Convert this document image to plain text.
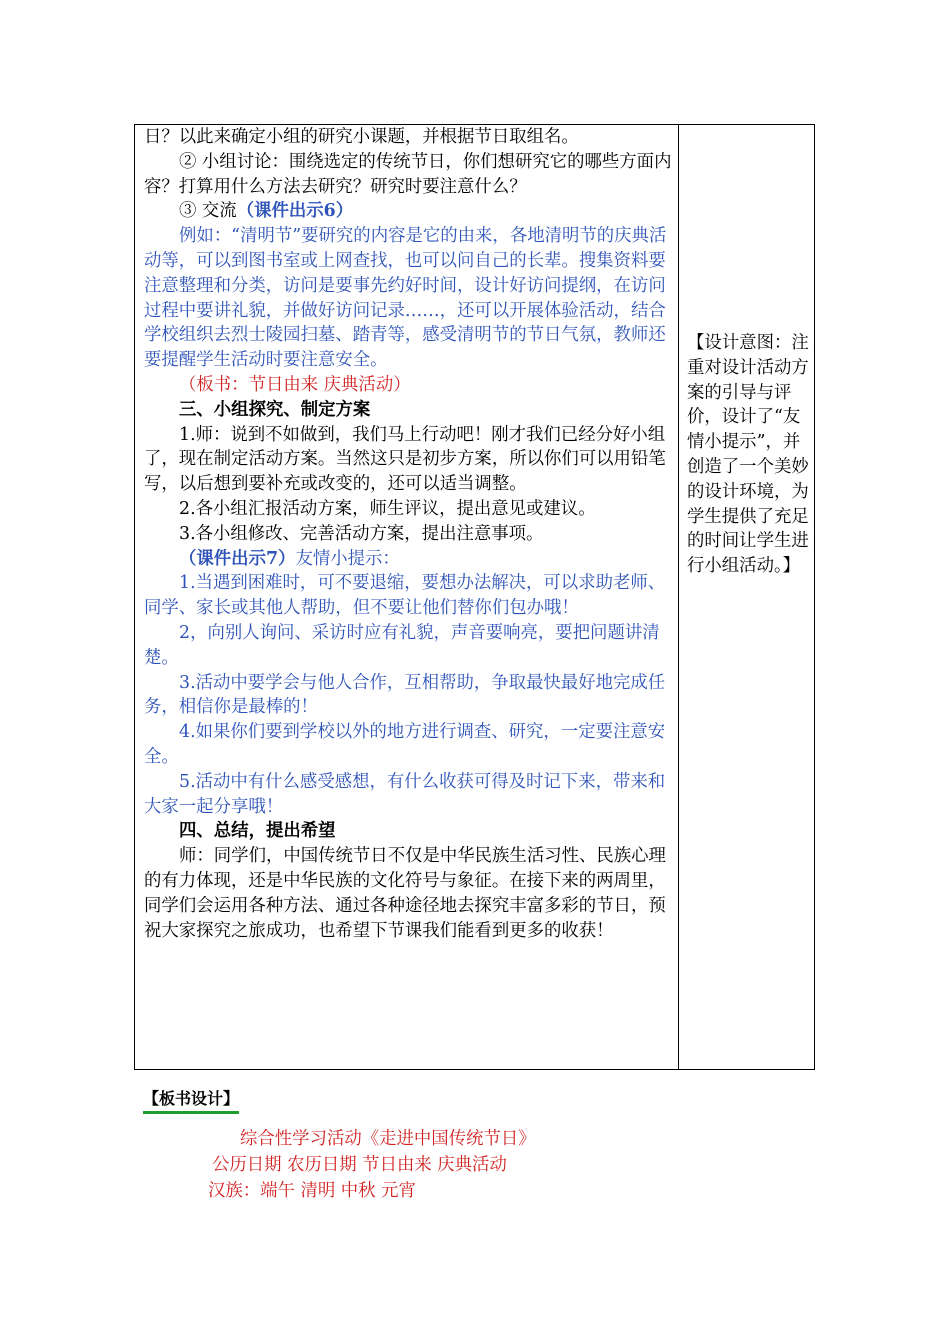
日？以此来确定小组的研究小课题，并根据节日取组名。

② 小组讨论：围绕选定的传统节日，你们想研究它的哪些方面内容？打算用什么方法去研究？研究时要注意什么？

③ 交流（课件出示6）

例如：“清明节”要研究的内容是它的由来，各地清明节的庆典活动等，可以到图书室或上网查找，也可以问自己的长辈。搜集资料要注意整理和分类，访问是要事先约好时间，设计好访问提纲，在访问过程中要讲礼貌，并做好访问记录……，还可以开展体验活动，结合学校组织去烈士陵园扫墓、踏青等，感受清明节的节日气氛，教师还要提醒学生活动时要注意安全。

（板书：节日由来 庆典活动）

三、小组探究、制定方案

1.师：说到不如做到，我们马上行动吧！刚才我们已经分好小组了，现在制定活动方案。当然这只是初步方案，所以你们可以用铅笔写，以后想到要补充或改变的，还可以适当调整。

2.各小组汇报活动方案，师生评议，提出意见或建议。

3.各小组修改、完善活动方案，提出注意事项。

（课件出示7）友情小提示：

1.当遇到困难时，可不要退缩，要想办法解决，可以求助老师、同学、家长或其他人帮助，但不要让他们替你们包办哦！

2，向别人询问、采访时应有礼貌，声音要响亮，要把问题讲清楚。

3.活动中要学会与他人合作，互相帮助，争取最快最好地完成任务，相信你是最棒的！

4.如果你们要到学校以外的地方进行调查、研究，一定要注意安全。

5.活动中有什么感受感想，有什么收获可得及时记下来，带来和大家一起分享哦！

四、总结，提出希望

师：同学们，中国传统节日不仅是中华民族生活习性、民族心理的有力体现，还是中华民族的文化符号与象征。在接下来的两周里，同学们会运用各种方法、通过各种途径地去探究丰富多彩的节日，预祝大家探究之旅成功，也希望下节课我们能看到更多的收获！

【设计意图：注重对设计活动方案的引导与评价，设计了“友情小提示”，并创造了一个美妙的设计环境，为学生提供了充足的时间让学生进行小组活动。】

【板书设计】
综合性学习活动《走进中国传统节日》
公历日期 农历日期 节日由来 庆典活动
汉族：端午 清明 中秋 元宵
